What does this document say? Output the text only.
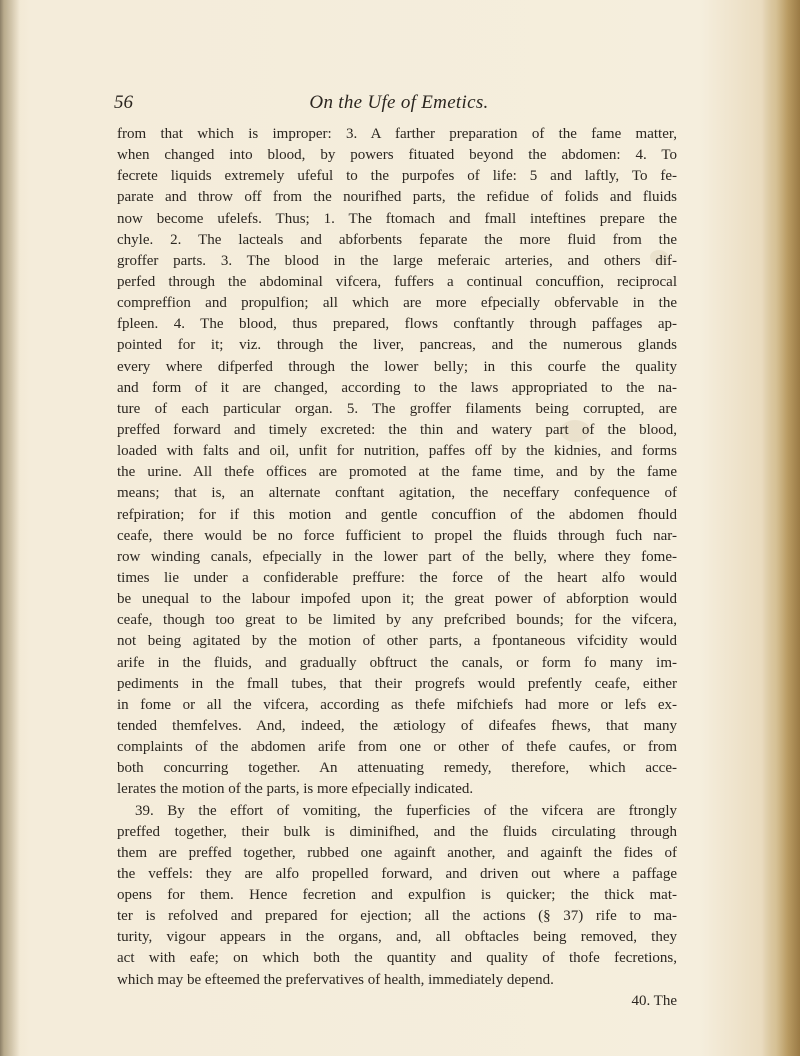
56	On the Ufe of Emetics.
from that which is improper: 3. A farther preparation of the fame matter,
when changed into blood, by powers fituated beyond the abdomen: 4. To
fecrete liquids extremely ufeful to the purpofes of life: 5 and laftly, To fe-
parate and throw off from the nourifhed parts, the refidue of folids and fluids
now become ufelefs. Thus; 1. The ftomach and fmall inteftines prepare the
chyle. 2. The lacteals and abforbents feparate the more fluid from the
groffer parts. 3. The blood in the large meferaic arteries, and others dif-
perfed through the abdominal vifcera, fuffers a continual concuffion, reciprocal
compreffion and propulfion; all which are more efpecially obfervable in the
fpleen. 4. The blood, thus prepared, flows conftantly through paffages ap-
pointed for it; viz. through the liver, pancreas, and the numerous glands
every where difperfed through the lower belly; in this courfe the quality
and form of it are changed, according to the laws appropriated to the na-
ture of each particular organ. 5. The groffer filaments being corrupted, are
preffed forward and timely excreted: the thin and watery part of the blood,
loaded with falts and oil, unfit for nutrition, paffes off by the kidnies, and forms
the urine. All thefe offices are promoted at the fame time, and by the fame
means; that is, an alternate conftant agitation, the neceffary confequence of
refpiration; for if this motion and gentle concuffion of the abdomen fhould
ceafe, there would be no force fufficient to propel the fluids through fuch nar-
row winding canals, efpecially in the lower part of the belly, where they fome-
times lie under a confiderable preffure: the force of the heart alfo would
be unequal to the labour impofed upon it; the great power of abforption would
ceafe, though too great to be limited by any prefcribed bounds; for the vifcera,
not being agitated by the motion of other parts, a fpontaneous vifcidity would
arife in the fluids, and gradually obftruct the canals, or form fo many im-
pediments in the fmall tubes, that their progrefs would prefently ceafe, either
in fome or all the vifcera, according as thefe mifchiefs had more or lefs ex-
tended themfelves. And, indeed, the ætiology of difeafes fhews, that many
complaints of the abdomen arife from one or other of thefe caufes, or from
both concurring together. An attenuating remedy, therefore, which acce-
lerates the motion of the parts, is more efpecially indicated.
39. By the effort of vomiting, the fuperficies of the vifcera are ftrongly
preffed together, their bulk is diminifhed, and the fluids circulating through
them are preffed together, rubbed one againft another, and againft the fides of
the veffels: they are alfo propelled forward, and driven out where a paffage
opens for them. Hence fecretion and expulfion is quicker; the thick mat-
ter is refolved and prepared for ejection; all the actions (§ 37) rife to ma-
turity, vigour appears in the organs, and, all obftacles being removed, they
act with eafe; on which both the quantity and quality of thofe fecretions,
which may be efteemed the prefervatives of health, immediately depend.
40. The
